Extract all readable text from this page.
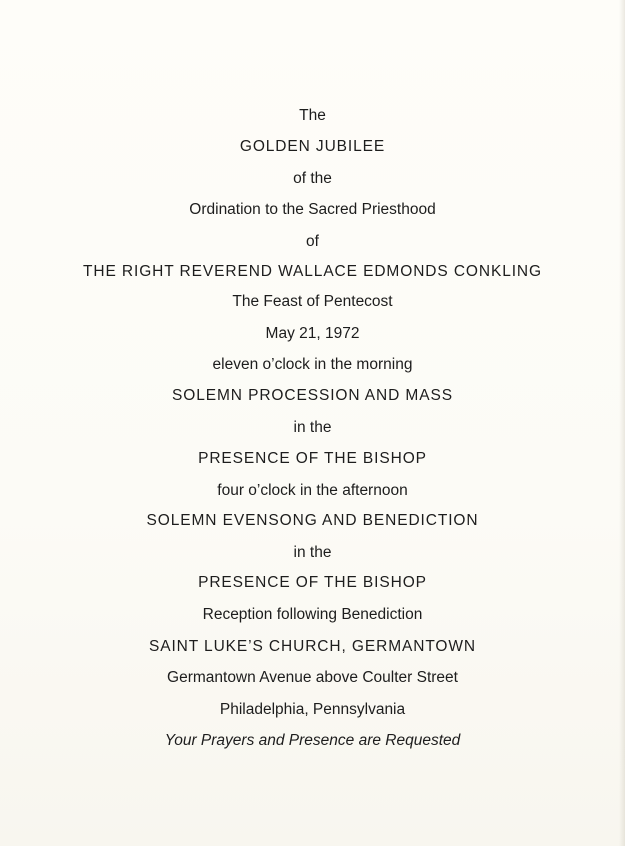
The
GOLDEN JUBILEE
of the
Ordination to the Sacred Priesthood
of
THE RIGHT REVEREND WALLACE EDMONDS CONKLING
The Feast of Pentecost
May 21, 1972
eleven o’clock in the morning
SOLEMN PROCESSION AND MASS
in the
PRESENCE OF THE BISHOP
four o’clock in the afternoon
SOLEMN EVENSONG AND BENEDICTION
in the
PRESENCE OF THE BISHOP
Reception following Benediction
SAINT LUKE’S CHURCH, GERMANTOWN
Germantown Avenue above Coulter Street
Philadelphia, Pennsylvania
Your Prayers and Presence are Requested
